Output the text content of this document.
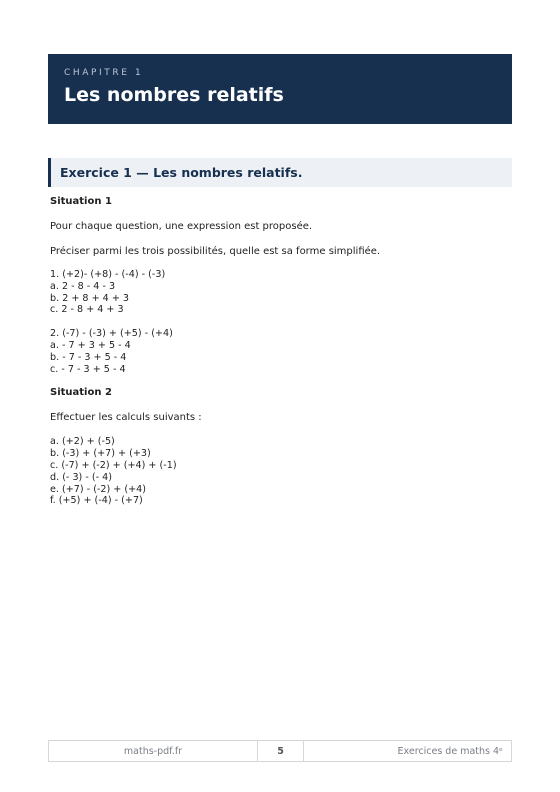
CHAPITRE 1
Les nombres relatifs
Exercice 1 — Les nombres relatifs.
Situation 1
Pour chaque question, une expression est proposée.
Préciser parmi les trois possibilités, quelle est sa forme simplifiée.
1. (+2)- (+8) - (-4) - (-3)
a. 2 - 8 - 4 - 3
b. 2 + 8 + 4 + 3
c. 2 - 8 + 4 + 3
2. (-7) - (-3) + (+5) - (+4)
a. - 7 + 3 + 5 - 4
b. - 7 - 3 + 5 - 4
c. - 7 - 3 + 5 - 4
Situation 2
Effectuer les calculs suivants :
a. (+2) + (-5)
b. (-3) + (+7) + (+3)
c. (-7) + (-2) + (+4) + (-1)
d. (- 3) - (- 4)
e. (+7) - (-2) + (+4)
f. (+5) + (-4) - (+7)
maths-pdf.fr	5	Exercices de maths 4ᵉ
